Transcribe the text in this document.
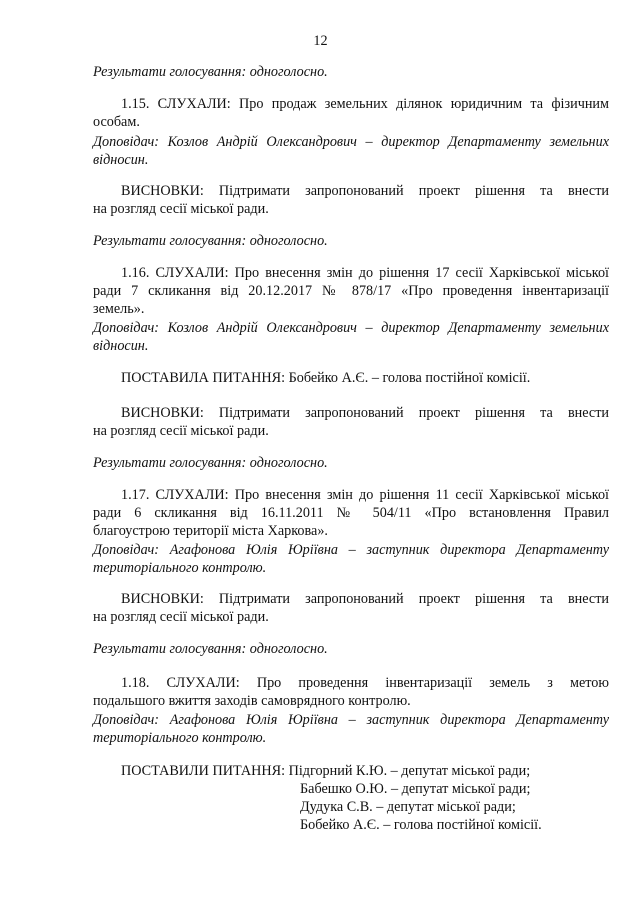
12
Результати голосування: одноголосно.
1.15. СЛУХАЛИ: Про продаж земельних ділянок юридичним та фізичним
особам.
Доповідач: Козлов Андрій Олександрович – директор Департаменту земельних
відносин.
ВИСНОВКИ: Підтримати запропонований проект рішення та внести
на розгляд сесії міської ради.
Результати голосування: одноголосно.
1.16. СЛУХАЛИ: Про внесення змін до рішення 17 сесії Харківської міської
ради 7 скликання від 20.12.2017 № 878/17 «Про проведення інвентаризації
земель».
Доповідач: Козлов Андрій Олександрович – директор Департаменту земельних
відносин.
ПОСТАВИЛА ПИТАННЯ: Бобейко А.Є. – голова постійної комісії.
ВИСНОВКИ: Підтримати запропонований проект рішення та внести
на розгляд сесії міської ради.
Результати голосування: одноголосно.
1.17. СЛУХАЛИ: Про внесення змін до рішення 11 сесії Харківської міської
ради 6 скликання від 16.11.2011 № 504/11 «Про встановлення Правил
благоустрою території міста Харкова».
Доповідач: Агафонова Юлія Юріївна – заступник директора Департаменту
територіального контролю.
ВИСНОВКИ: Підтримати запропонований проект рішення та внести
на розгляд сесії міської ради.
Результати голосування: одноголосно.
1.18. СЛУХАЛИ: Про проведення інвентаризації земель з метою
подальшого вжиття заходів самоврядного контролю.
Доповідач: Агафонова Юлія Юріївна – заступник директора Департаменту
територіального контролю.
ПОСТАВИЛИ ПИТАННЯ: Підгорний К.Ю. – депутат міської ради;
Бабешко О.Ю. – депутат міської ради;
Дудука С.В. – депутат міської ради;
Бобейко А.Є. – голова постійної комісії.
